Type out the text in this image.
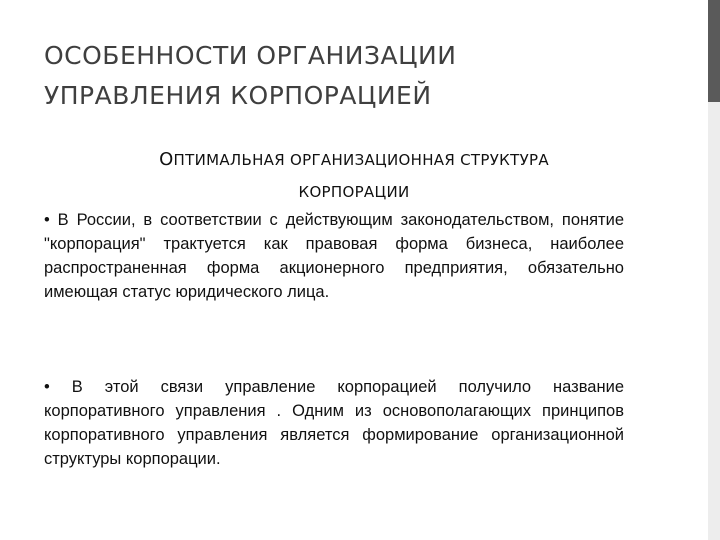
ОСОБЕННОСТИ ОРГАНИЗАЦИИ
УПРАВЛЕНИЯ КОРПОРАЦИЕЙ
ОПТИМАЛЬНАЯ ОРГАНИЗАЦИОННАЯ СТРУКТУРА
КОРПОРАЦИИ
• В России, в соответствии с действующим законодательством, понятие "корпорация" трактуется как правовая форма бизнеса, наиболее распространенная форма акционерного предприятия, обязательно имеющая статус юридического лица.
• В этой связи управление корпорацией получило название корпоративного управления . Одним из основополагающих принципов корпоративного управления является формирование организационной структуры корпорации.
